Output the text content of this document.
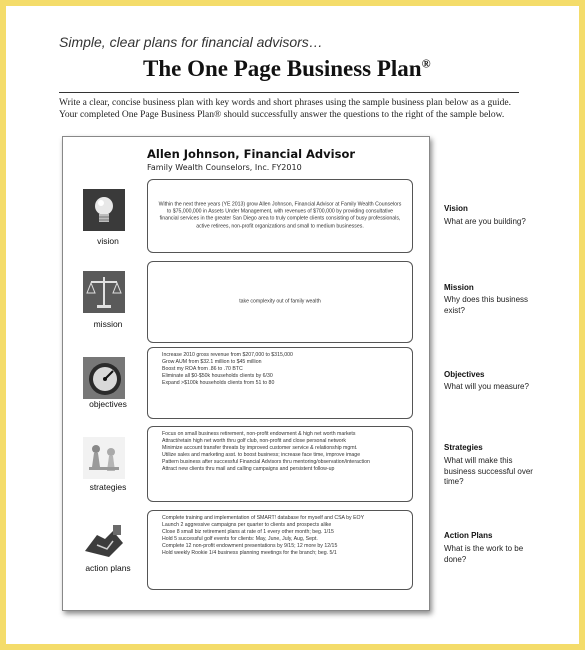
Simple, clear plans for financial advisors…
The One Page Business Plan®
Write a clear, concise business plan with key words and short phrases using the sample business plan below as a guide.
Your completed One Page Business Plan® should successfully answer the questions to the right of the sample below.
Allen Johnson, Financial Advisor
Family Wealth Counselors, Inc. FY2010
vision
Within the next three years (YE 2013) grow Allen Johnson, Financial Advisor at Family Wealth Counselors to $75,000,000 in Assets Under Management, with revenues of $700,000 by providing consultative financial services in the greater San Diego area to truly complete clients consisting of busy professionals, active retirees, non-profit organizations and small to medium businesses.
mission
take complexity out of family wealth
objectives
• Increase 2010 gross revenue from $207,000 to $315,000
• Grow AUM from $32.1 million to $45 million
• Boost my ROA from .86 to .70 BTC
• Eliminate all $0-$50k households clients by 6/30
• Expand >$100k households clients from 51 to 80
strategies
• Focus on small business retirement, non-profit endowment & high net worth markets
• Attract/retain high net worth thru golf club, non-profit and close personal network
• Minimize account transfer threats by improved customer service & relationship mgmt.
• Utilize sales and marketing asst. to boost business; increase face time, improve image
• Pattern business after successful Financial Advisors thru mentoring/observation/interaction
• Attract new clients thru mail and calling campaigns and persistent follow-up
action plans
• Complete training and implementation of SMART! database for myself and CSA by EOY
• Launch 2 aggressive campaigns per quarter to clients and prospects alike
• Close 8 small biz retirement plans at rate of 1 every other month; beg. 1/15
• Hold 5 successful golf events for clients: May, June, July, Aug, Sept.
• Complete 12 non-profit endowment presentations by 9/15; 12 more by 12/15
• Hold weekly Rookie 1/4 business planning meetings for the branch; beg. 5/1
Vision
What are you building?
Mission
Why does this business exist?
Objectives
What will you measure?
Strategies
What will make this business successful over time?
Action Plans
What is the work to be done?
